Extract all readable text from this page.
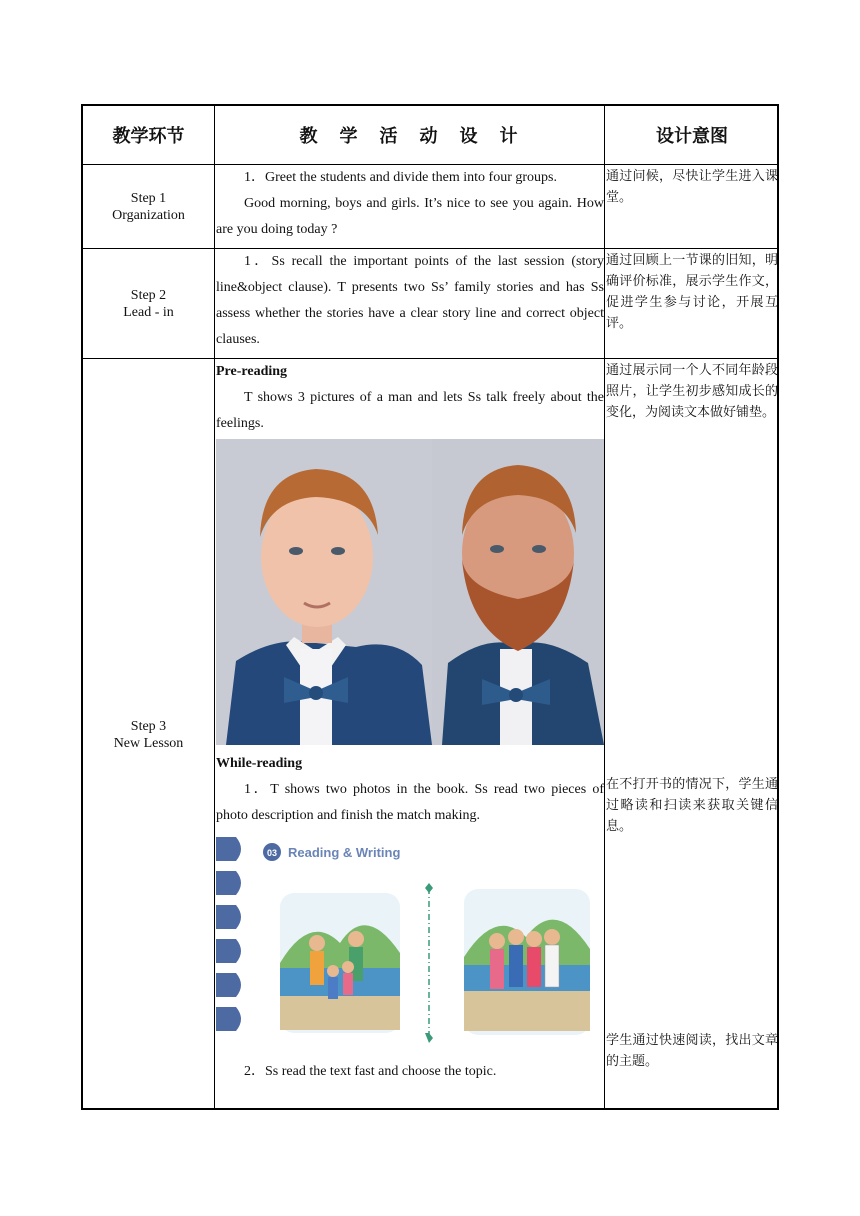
教学环节	教　学　活　动　设　计	设计意图
Step 1
Organization

1．Greet the students and divide them into four groups.

Good morning, boys and girls. It’s nice to see you again. How are you doing today ?

通过问候，尽快让学生进入课堂。
Step 2
Lead - in

1．Ss recall the important points of the last session (story line&object clause). T presents two Ss’ family stories and has Ss assess whether the stories have a clear story line and correct object clauses.

通过回顾上一节课的旧知，明确评价标准，展示学生作文，促进学生参与讨论，开展互评。
Step 3
New Lesson

Pre-reading

T shows 3 pictures of a man and lets Ss talk freely about the feelings.

While-reading

1．T shows two photos in the book. Ss read two pieces of photo description and finish the match making.

03 Reading & Writing

2．Ss read the text fast and choose the topic.

通过展示同一个人不同年龄段照片，让学生初步感知成长的变化，为阅读文本做好铺垫。
在不打开书的情况下，学生通过略读和扫读来获取关键信息。
学生通过快速阅读，找出文章的主题。
